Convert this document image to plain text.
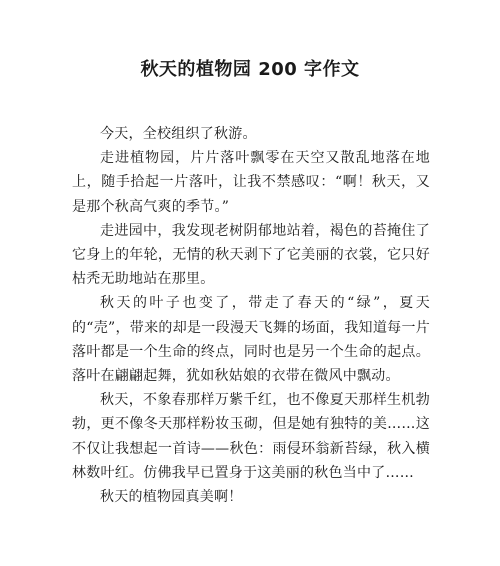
秋天的植物园 200 字作文

今天，全校组织了秋游。

走进植物园，片片落叶飘零在天空又散乱地落在地上，随手拾起一片落叶，让我不禁感叹：“啊！秋天，又是那个秋高气爽的季节。”

走进园中，我发现老树阴郁地站着，褐色的苔掩住了它身上的年轮，无情的秋天剥下了它美丽的衣裳，它只好枯秃无助地站在那里。

秋天的叶子也变了，带走了春天的“绿”，夏天的“売”，带来的却是一段漫天飞舞的场面，我知道每一片落叶都是一个生命的终点，同时也是另一个生命的起点。落叶在翩翩起舞，犹如秋姑娘的衣带在微风中飘动。

秋天，不象春那样万紫千红，也不像夏天那样生机勃勃，更不像冬天那样粉妆玉砌，但是她有独特的美……这不仅让我想起一首诗——秋色：雨侵环翁新苔绿，秋入横林数叶红。仿佛我早已置身于这美丽的秋色当中了……

秋天的植物园真美啊！
